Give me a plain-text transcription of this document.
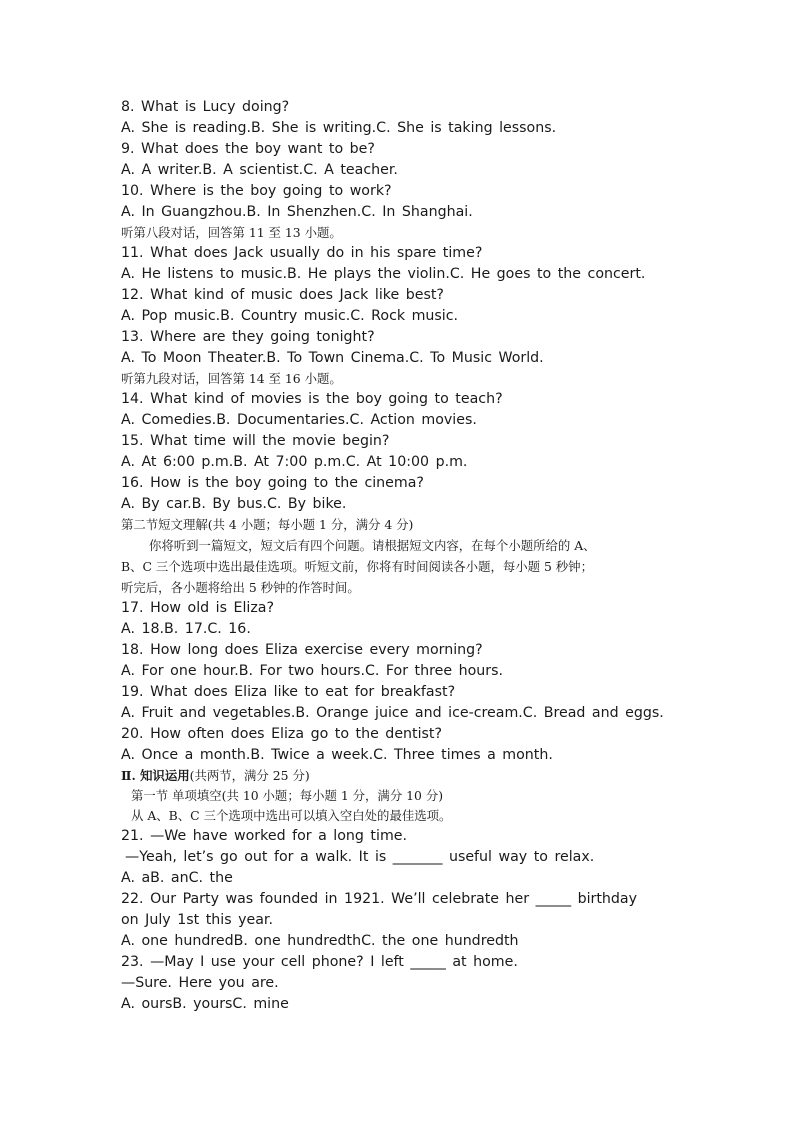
8. What is Lucy doing?
A. She is reading.B. She is writing.C. She is taking lessons.
9. What does the boy want to be?
A. A writer.B. A scientist.C. A teacher.
10. Where is the boy going to work?
A. In Guangzhou.B. In Shenzhen.C. In Shanghai.
听第八段对话，回答第 11 至 13 小题。
11. What does Jack usually do in his spare time?
A. He listens to music.B. He plays the violin.C. He goes to the concert.
12. What kind of music does Jack like best?
A. Pop music.B. Country music.C. Rock music.
13. Where are they going tonight?
A. To Moon Theater.B. To Town Cinema.C. To Music World.
听第九段对话，回答第 14 至 16 小题。
14. What kind of movies is the boy going to teach?
A. Comedies.B. Documentaries.C. Action movies.
15. What time will the movie begin?
A. At 6:00 p.m.B. At 7:00 p.m.C. At 10:00 p.m.
16. How is the boy going to the cinema?
A. By car.B. By bus.C. By bike.
第二节短文理解(共 4 小题；每小题 1 分，满分 4 分)
你将听到一篇短文，短文后有四个问题。请根据短文内容，在每个小题所给的 A、
B、C 三个选项中选出最佳选项。听短文前，你将有时间阅读各小题，每小题 5 秒钟；
听完后，各小题将给出 5 秒钟的作答时间。
17. How old is Eliza?
A. 18.B. 17.C. 16.
18. How long does Eliza exercise every morning?
A. For one hour.B. For two hours.C. For three hours.
19. What does Eliza like to eat for breakfast?
A. Fruit and vegetables.B. Orange juice and ice-cream.C. Bread and eggs.
20. How often does Eliza go to the dentist?
A. Once a month.B. Twice a week.C. Three times a month.
Ⅱ. 知识运用(共两节，满分 25 分)
第一节 单项填空(共 10 小题；每小题 1 分，满分 10 分)
从 A、B、C 三个选项中选出可以填入空白处的最佳选项。
21. —We have worked for a long time.
—Yeah, let’s go out for a walk. It is _______ useful way to relax.
A. aB. anC. the
22. Our Party was founded in 1921. We’ll celebrate her _____ birthday
on July 1st this year.
A. one hundredB. one hundredthC. the one hundredth
23. —May I use your cell phone? I left _____ at home.
—Sure. Here you are.
A. oursB. yoursC. mine
